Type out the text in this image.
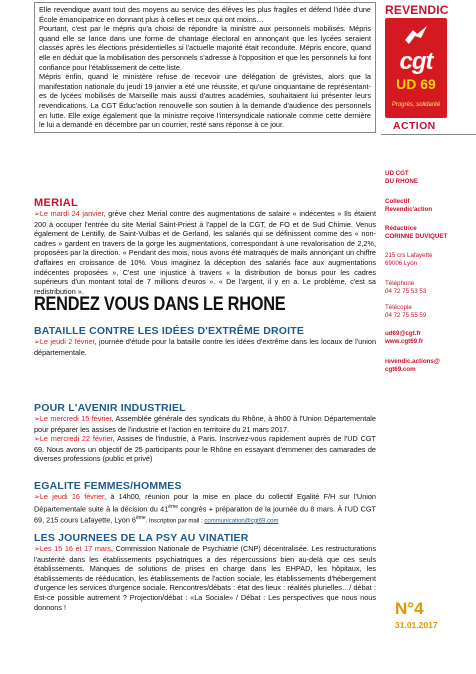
Elle revendique avant tout des moyens au service des élèves les plus fragiles et défend l'idée d'une École émancipatrice en donnant plus à celles et ceux qui ont moins…

Pourtant, c'est par le mépris qu'a choisi de répondre la ministre aux personnels mobilisés. Mépris quand elle se lance dans une forme de chantage électoral en annonçant que les lycées seraient classés après les élections présidentielles si l'actuelle majorité était reconduite. Mépris encore, quand elle en déduit que la mobilisation des personnels s'adresse à l'opposition et que les personnels lui font confiance pour l'établissement de cette liste.

Mépris enfin, quand le ministère refuse de recevoir une délégation de grévistes, alors que la manifestation nationale du jeudi 19 janvier a été une réussite, et qu'une cinquantaine de représentant-es de lycées mobilisés de Marseille mais aussi d'autres académies, souhaitaient lui présenter leurs revendications. La CGT Éduc'action renouvelle son soutien à la demande d'audience des personnels en lutte. Elle exige également que la ministre reçoive l'intersyndicale nationale comme cette dernière le lui a demandé en décembre par un courrier, resté sans réponse à ce jour.

MERIAL

➢Le mardi 24 janvier, grève chez Merial contre des augmentations de salaire « indécentes » Ils étaient 200 à occuper l'entrée du site Merial Saint-Priest à l'appel de la CGT, de FO et de Sud Chimie. Venus également de Lentilly, de Saint-Vulbas et de Gerland, les salariés qui se définissent comme des « non-cadres » gardent en travers de la gorge les augmentations, correspondant à une revalorisation de 2,2%, proposées par la direction. « Pendant des mois, nous avons été matraqués de mails annonçant un chiffre d'affaires en croissance de 10%. Vous imaginez la déception des salariés face aux augmentations indécentes proposées », C'est une injustice à travers « la distribution de bonus pour les cadres supérieurs d'un montant total de 7 millions d'euros ». « De l'argent, il y en a. Le problème, c'est sa redistribution ».

RENDEZ VOUS DANS LE RHONE
BATAILLE CONTRE LES IDÉES D'EXTRÊME DROITE

➢Le jeudi 2 février, journée d'étude pour la bataille contre les idées d'extrême dans les locaux de l'union départementale.

POUR L'AVENIR INDUSTRIEL

➢Le mercredi 15 février, Assemblée générale des syndicats du Rhône, à 9h00 à l'Union Départementale pour préparer les assises de l'industrie et l'action en territoire du 21 mars 2017.

➢Le mercredi 22 février, Assises de l'industrie, à Paris. Inscrivez-vous rapidement auprès de l'UD CGT 69. Nous avons un objectif de 25 participants pour le Rhône en essayant d'emmener des camarades de diverses professions (public et privé)

EGALITE FEMMES/HOMMES

➢Le jeudi 16 février, à 14h00, réunion pour la mise en place du collectif Egalité F/H sur l'Union Départementale suite à la décision du 41ème congrès + préparation de la journée du 8 mars. À l'UD CGT 69, 215 cours Lafayette, Lyon 6ème. Inscription par mail : communication@cgt69.com

LES JOURNEES DE LA PSY AU VINATIER

➢Les 15 16 et 17 mars, Commission Nationale de Psychiatrie (CNP) décentralisée. Les restructurations l'austérité dans les établissements psychiatriques a des répercussions bien au-delà que ces seuls établissements. Manques de solutions de prises en charge dans les EHPAD, les hôpitaux, les établissements de rééducation, les établissements de l'action sociale, les établissements d'hébergement d'urgence les services d'urgence sociale. Rencontres/débats : état des lieux : réalités plurielles…/ débat : Est-ce possible autrement ? Projection/débat : «La Sociale» / Débat : Les perspectives que nous nous donnons !

REVENDIC
cgt
UD 69
Progrès, solidarité
ACTION
UD CGT
DU RHONE
Collectif
Revendic'action
Rédactrice
CORINNE DUVIQUET
215 crs Lafayette
69006 Lyon
Téléphone
04 72 75 53 53
Télécopie
04 72 75 55 59
ud69@cgt.fr
www.cgt69.fr
revendic.actions@
cgt69.com
N°4
31.01.2017
